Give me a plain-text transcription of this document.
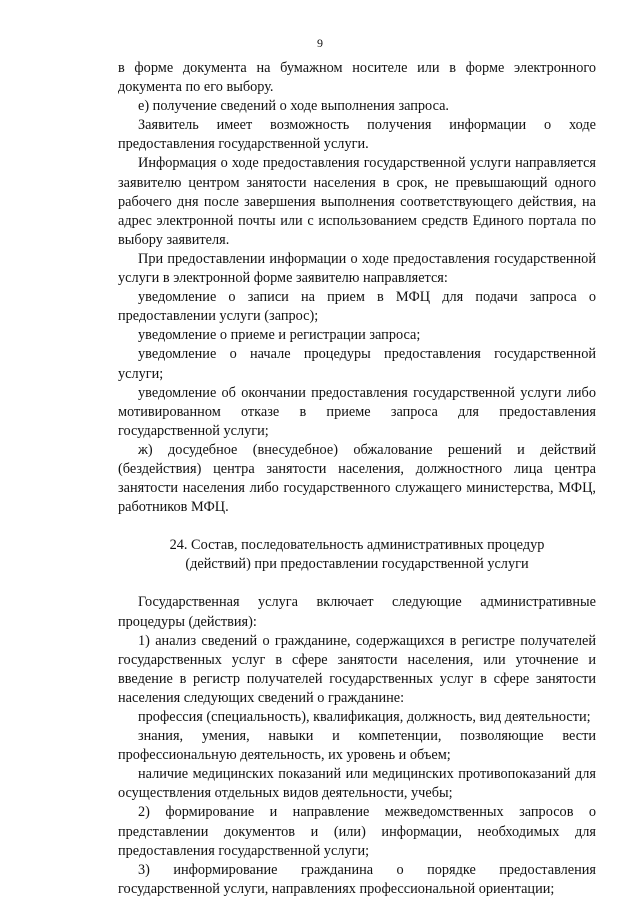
9

в форме документа на бумажном носителе или в форме электронного документа по его выбору.

е) получение сведений о ходе выполнения запроса.

Заявитель имеет возможность получения информации о ходе предоставления государственной услуги.

Информация о ходе предоставления государственной услуги направляется заявителю центром занятости населения в срок, не превышающий одного рабочего дня после завершения выполнения соответствующего действия, на адрес электронной почты или с использованием средств Единого портала по выбору заявителя.

При предоставлении информации о ходе предоставления государственной услуги в электронной форме заявителю направляется:

уведомление о записи на прием в МФЦ для подачи запроса о предоставлении услуги (запрос);

уведомление о приеме и регистрации запроса;

уведомление о начале процедуры предоставления государственной услуги;

уведомление об окончании предоставления государственной услуги либо мотивированном отказе в приеме запроса для предоставления государственной услуги;

ж) досудебное (внесудебное) обжалование решений и действий (бездействия) центра занятости населения, должностного лица центра занятости населения либо государственного служащего министерства, МФЦ, работников МФЦ.

24. Состав, последовательность административных процедур (действий) при предоставлении государственной услуги

Государственная услуга включает следующие административные процедуры (действия):

1) анализ сведений о гражданине, содержащихся в регистре получателей государственных услуг в сфере занятости населения, или уточнение и введение в регистр получателей государственных услуг в сфере занятости населения следующих сведений о гражданине:

профессия (специальность), квалификация, должность, вид деятельности;

знания, умения, навыки и компетенции, позволяющие вести профессиональную деятельность, их уровень и объем;

наличие медицинских показаний или медицинских противопоказаний для осуществления отдельных видов деятельности, учебы;

2) формирование и направление межведомственных запросов о представлении документов и (или) информации, необходимых для предоставления государственной услуги;

3) информирование гражданина о порядке предоставления государственной услуги, направлениях профессиональной ориентации;
